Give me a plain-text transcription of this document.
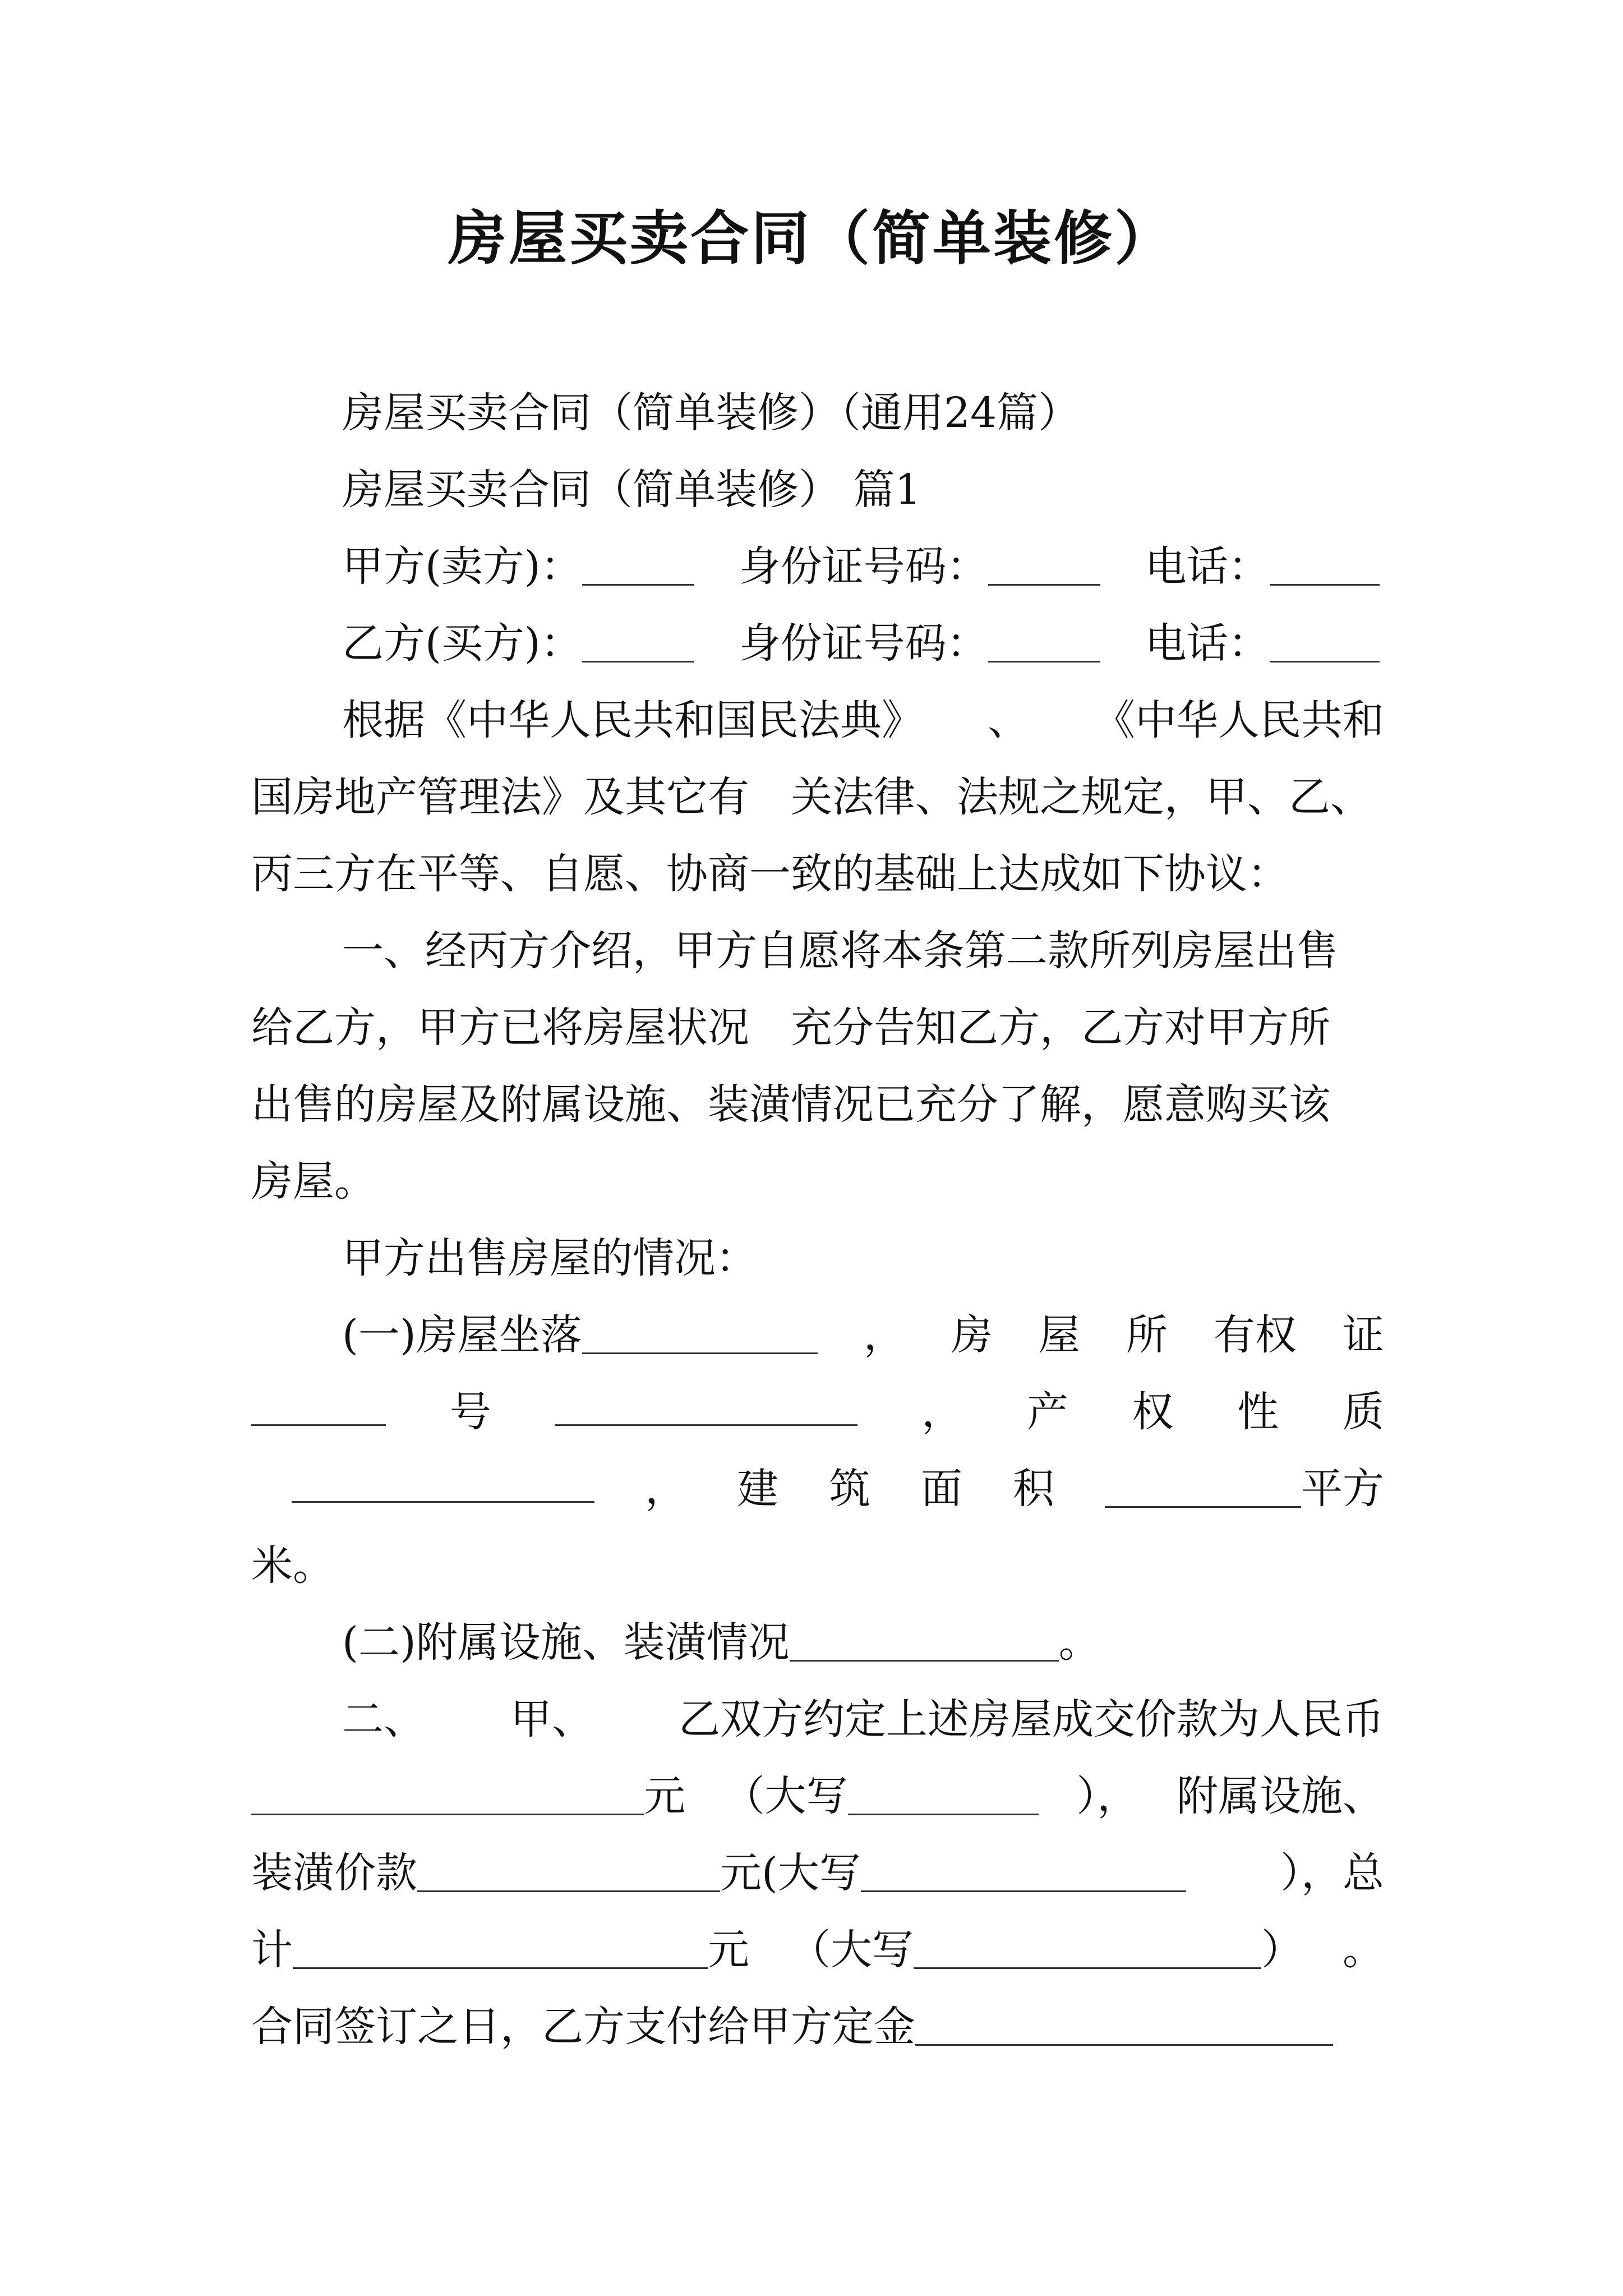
房屋买卖合同（简单装修）
房屋买卖合同（简单装修）（通用24篇）
房屋买卖合同（简单装修） 篇1
甲方(卖方)：	身份证号码：	电话：
乙方(买方)：	身份证号码：	电话：
根据《中华人民共和国民法典》 、 《中华人民共和
国房地产管理法》及其它有　关法律、法规之规定，甲、乙、
丙三方在平等、自愿、协商一致的基础上达成如下协议：
一、经丙方介绍，甲方自愿将本条第二款所列房屋出售
给乙方，甲方已将房屋状况　充分告知乙方，乙方对甲方所
出售的房屋及附属设施、装潢情况已充分了解，愿意购买该
房屋。
甲方出售房屋的情况：
(一)房屋坐落	， 房 屋 所 有权 证
号	， 产 权 性 质
， 建 筑 面 积	平方
米。
(二)附属设施、装潢情况	。
二、 甲、 乙双方约定上述房屋成交价款为人民币
元 （大写	）， 附属设施、
装潢价款	元(大写	），总
计	元 （大写	） 。
合同签订之日，乙方支付给甲方定金
